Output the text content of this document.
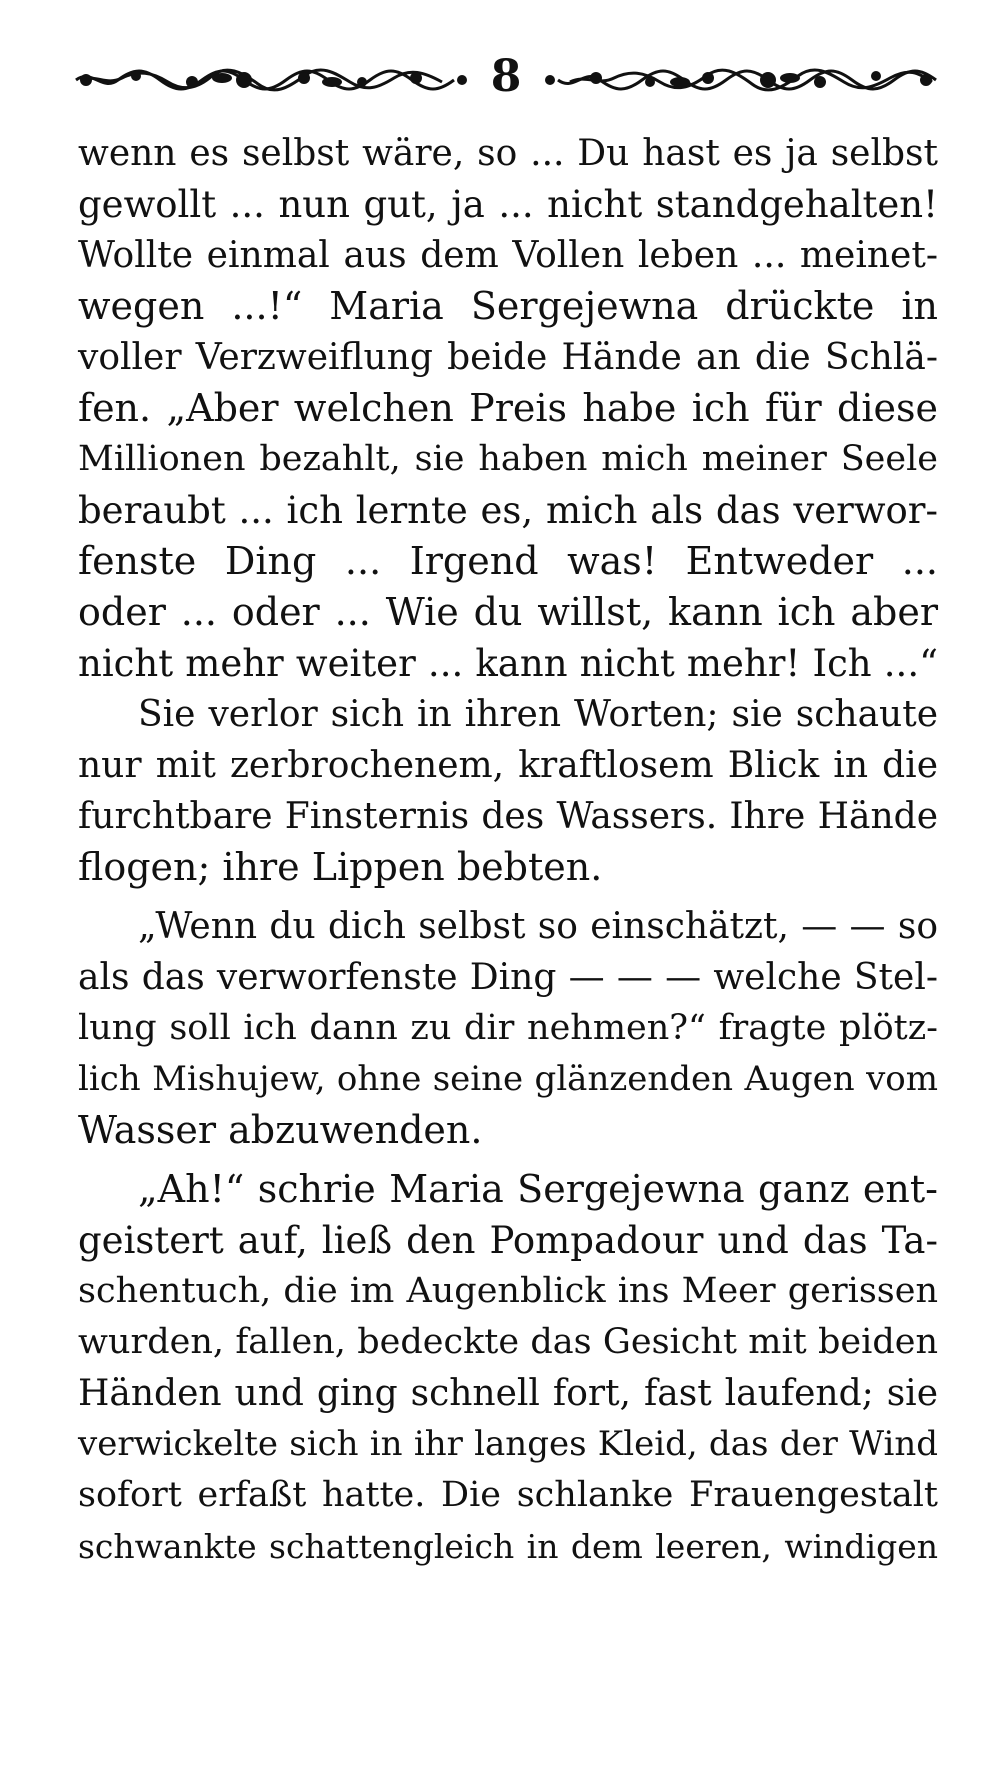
8
wenn es selbst wäre, so ... Du hast es ja selbst
gewollt ... nun gut, ja ... nicht standgehalten!
Wollte einmal aus dem Vollen leben ... meinet-
wegen ...!“ Maria Sergejewna drückte in
voller Verzweiflung beide Hände an die Schlä-
fen. „Aber welchen Preis habe ich für diese
Millionen bezahlt, sie haben mich meiner Seele
beraubt ... ich lernte es, mich als das verwor-
fenste Ding ... Irgend was! Entweder ...
oder ... oder ... Wie du willst, kann ich aber
nicht mehr weiter ... kann nicht mehr! Ich ...“
Sie verlor sich in ihren Worten; sie schaute
nur mit zerbrochenem, kraftlosem Blick in die
furchtbare Finsternis des Wassers. Ihre Hände
flogen; ihre Lippen bebten.
„Wenn du dich selbst so einschätzt, — — so
als das verworfenste Ding — — — welche Stel-
lung soll ich dann zu dir nehmen?“ fragte plötz-
lich Mishujew, ohne seine glänzenden Augen vom
Wasser abzuwenden.
„Ah!“ schrie Maria Sergejewna ganz ent-
geistert auf, ließ den Pompadour und das Ta-
schentuch, die im Augenblick ins Meer gerissen
wurden, fallen, bedeckte das Gesicht mit beiden
Händen und ging schnell fort, fast laufend; sie
verwickelte sich in ihr langes Kleid, das der Wind
sofort erfaßt hatte. Die schlanke Frauengestalt
schwankte schattengleich in dem leeren, windigen
